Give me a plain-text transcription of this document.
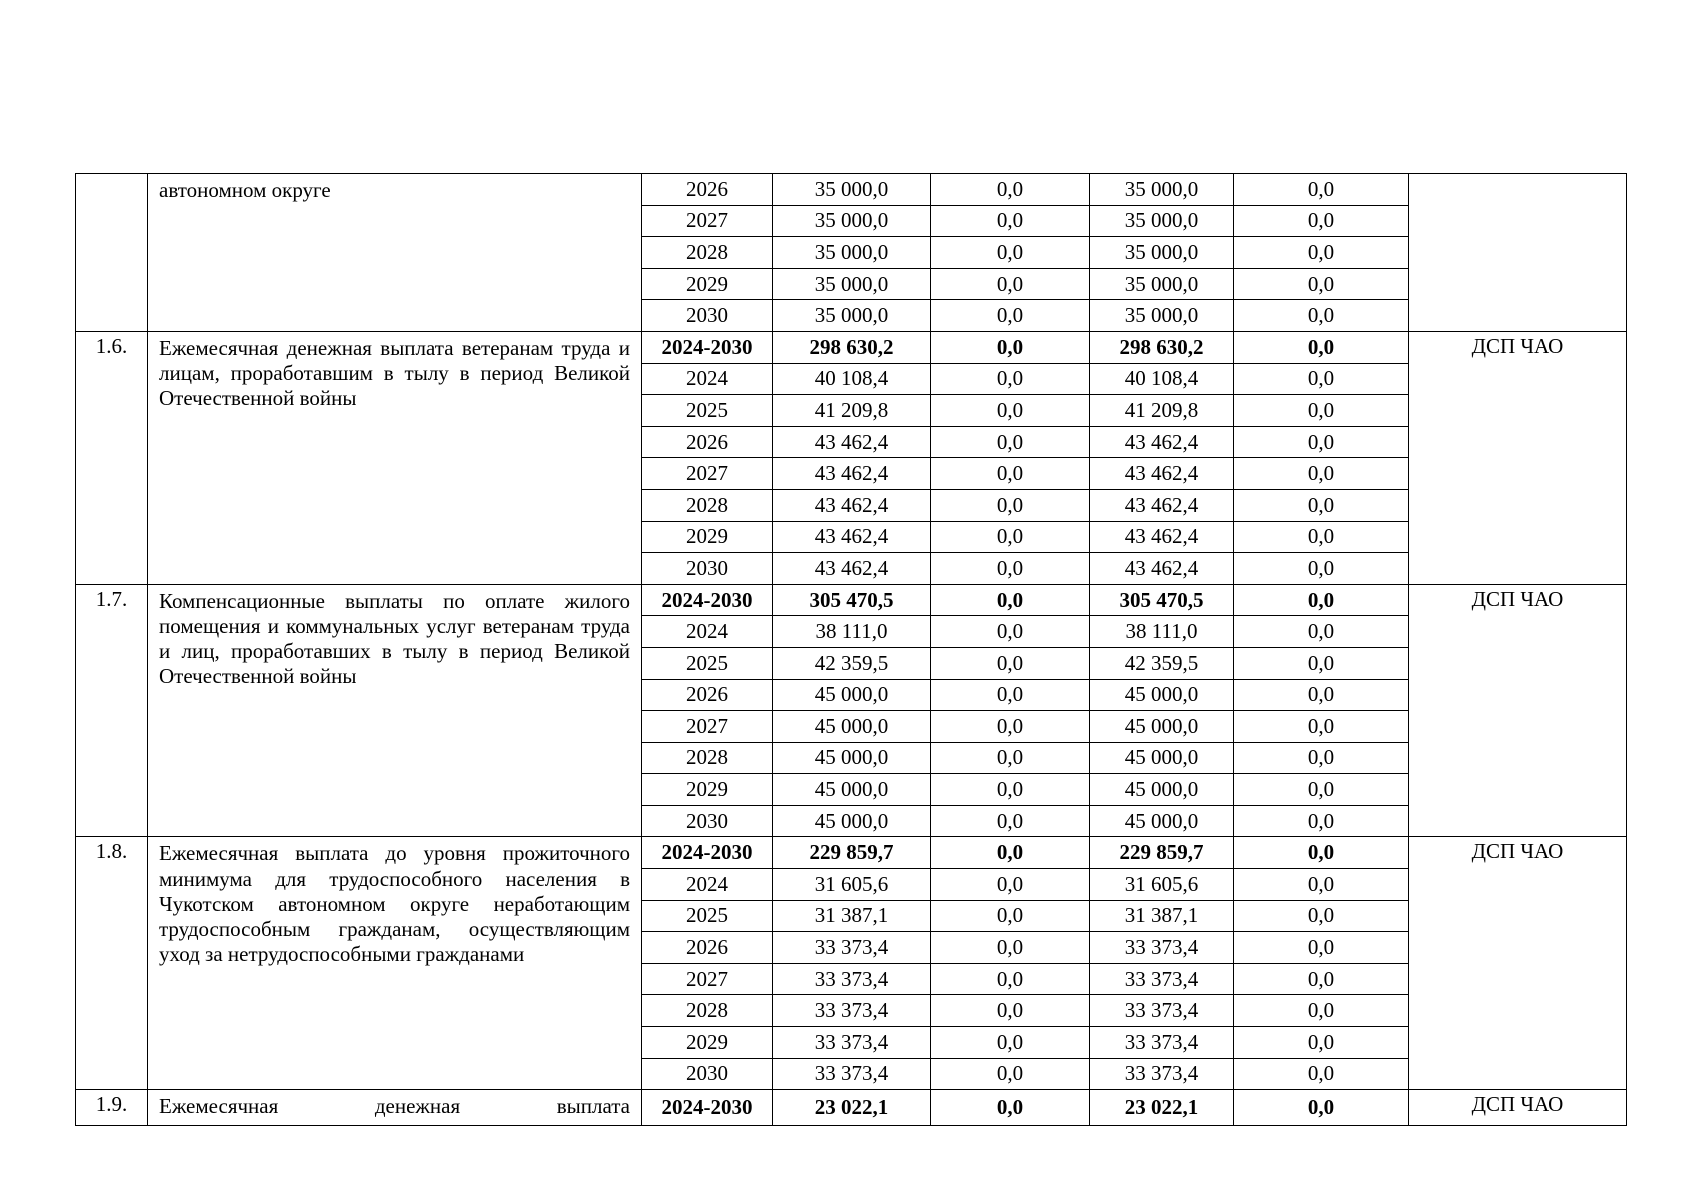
	автономном округе	2026	35 000,0	0,0	35 000,0	0,0	
		2027	35 000,0	0,0	35 000,0	0,0	
		2028	35 000,0	0,0	35 000,0	0,0	
		2029	35 000,0	0,0	35 000,0	0,0	
		2030	35 000,0	0,0	35 000,0	0,0	
1.6.	Ежемесячная денежная выплата ветеранам труда и лицам, проработавшим в тылу в период Великой Отечественной войны	2024-2030	298 630,2	0,0	298 630,2	0,0	ДСП ЧАО
		2024	40 108,4	0,0	40 108,4	0,0	
		2025	41 209,8	0,0	41 209,8	0,0	
		2026	43 462,4	0,0	43 462,4	0,0	
		2027	43 462,4	0,0	43 462,4	0,0	
		2028	43 462,4	0,0	43 462,4	0,0	
		2029	43 462,4	0,0	43 462,4	0,0	
		2030	43 462,4	0,0	43 462,4	0,0	
1.7.	Компенсационные выплаты по оплате жилого помещения и коммунальных услуг ветеранам труда и лиц, проработавших в тылу в период Великой Отечественной войны	2024-2030	305 470,5	0,0	305 470,5	0,0	ДСП ЧАО
		2024	38 111,0	0,0	38 111,0	0,0	
		2025	42 359,5	0,0	42 359,5	0,0	
		2026	45 000,0	0,0	45 000,0	0,0	
		2027	45 000,0	0,0	45 000,0	0,0	
		2028	45 000,0	0,0	45 000,0	0,0	
		2029	45 000,0	0,0	45 000,0	0,0	
		2030	45 000,0	0,0	45 000,0	0,0	
1.8.	Ежемесячная выплата до уровня прожиточного минимума для трудоспособного населения в Чукотском автономном округе неработающим трудоспособным гражданам, осуществляющим уход за нетрудоспособными гражданами	2024-2030	229 859,7	0,0	229 859,7	0,0	ДСП ЧАО
		2024	31 605,6	0,0	31 605,6	0,0	
		2025	31 387,1	0,0	31 387,1	0,0	
		2026	33 373,4	0,0	33 373,4	0,0	
		2027	33 373,4	0,0	33 373,4	0,0	
		2028	33 373,4	0,0	33 373,4	0,0	
		2029	33 373,4	0,0	33 373,4	0,0	
		2030	33 373,4	0,0	33 373,4	0,0	
1.9.	Ежемесячная денежная выплата	2024-2030	23 022,1	0,0	23 022,1	0,0	ДСП ЧАО
